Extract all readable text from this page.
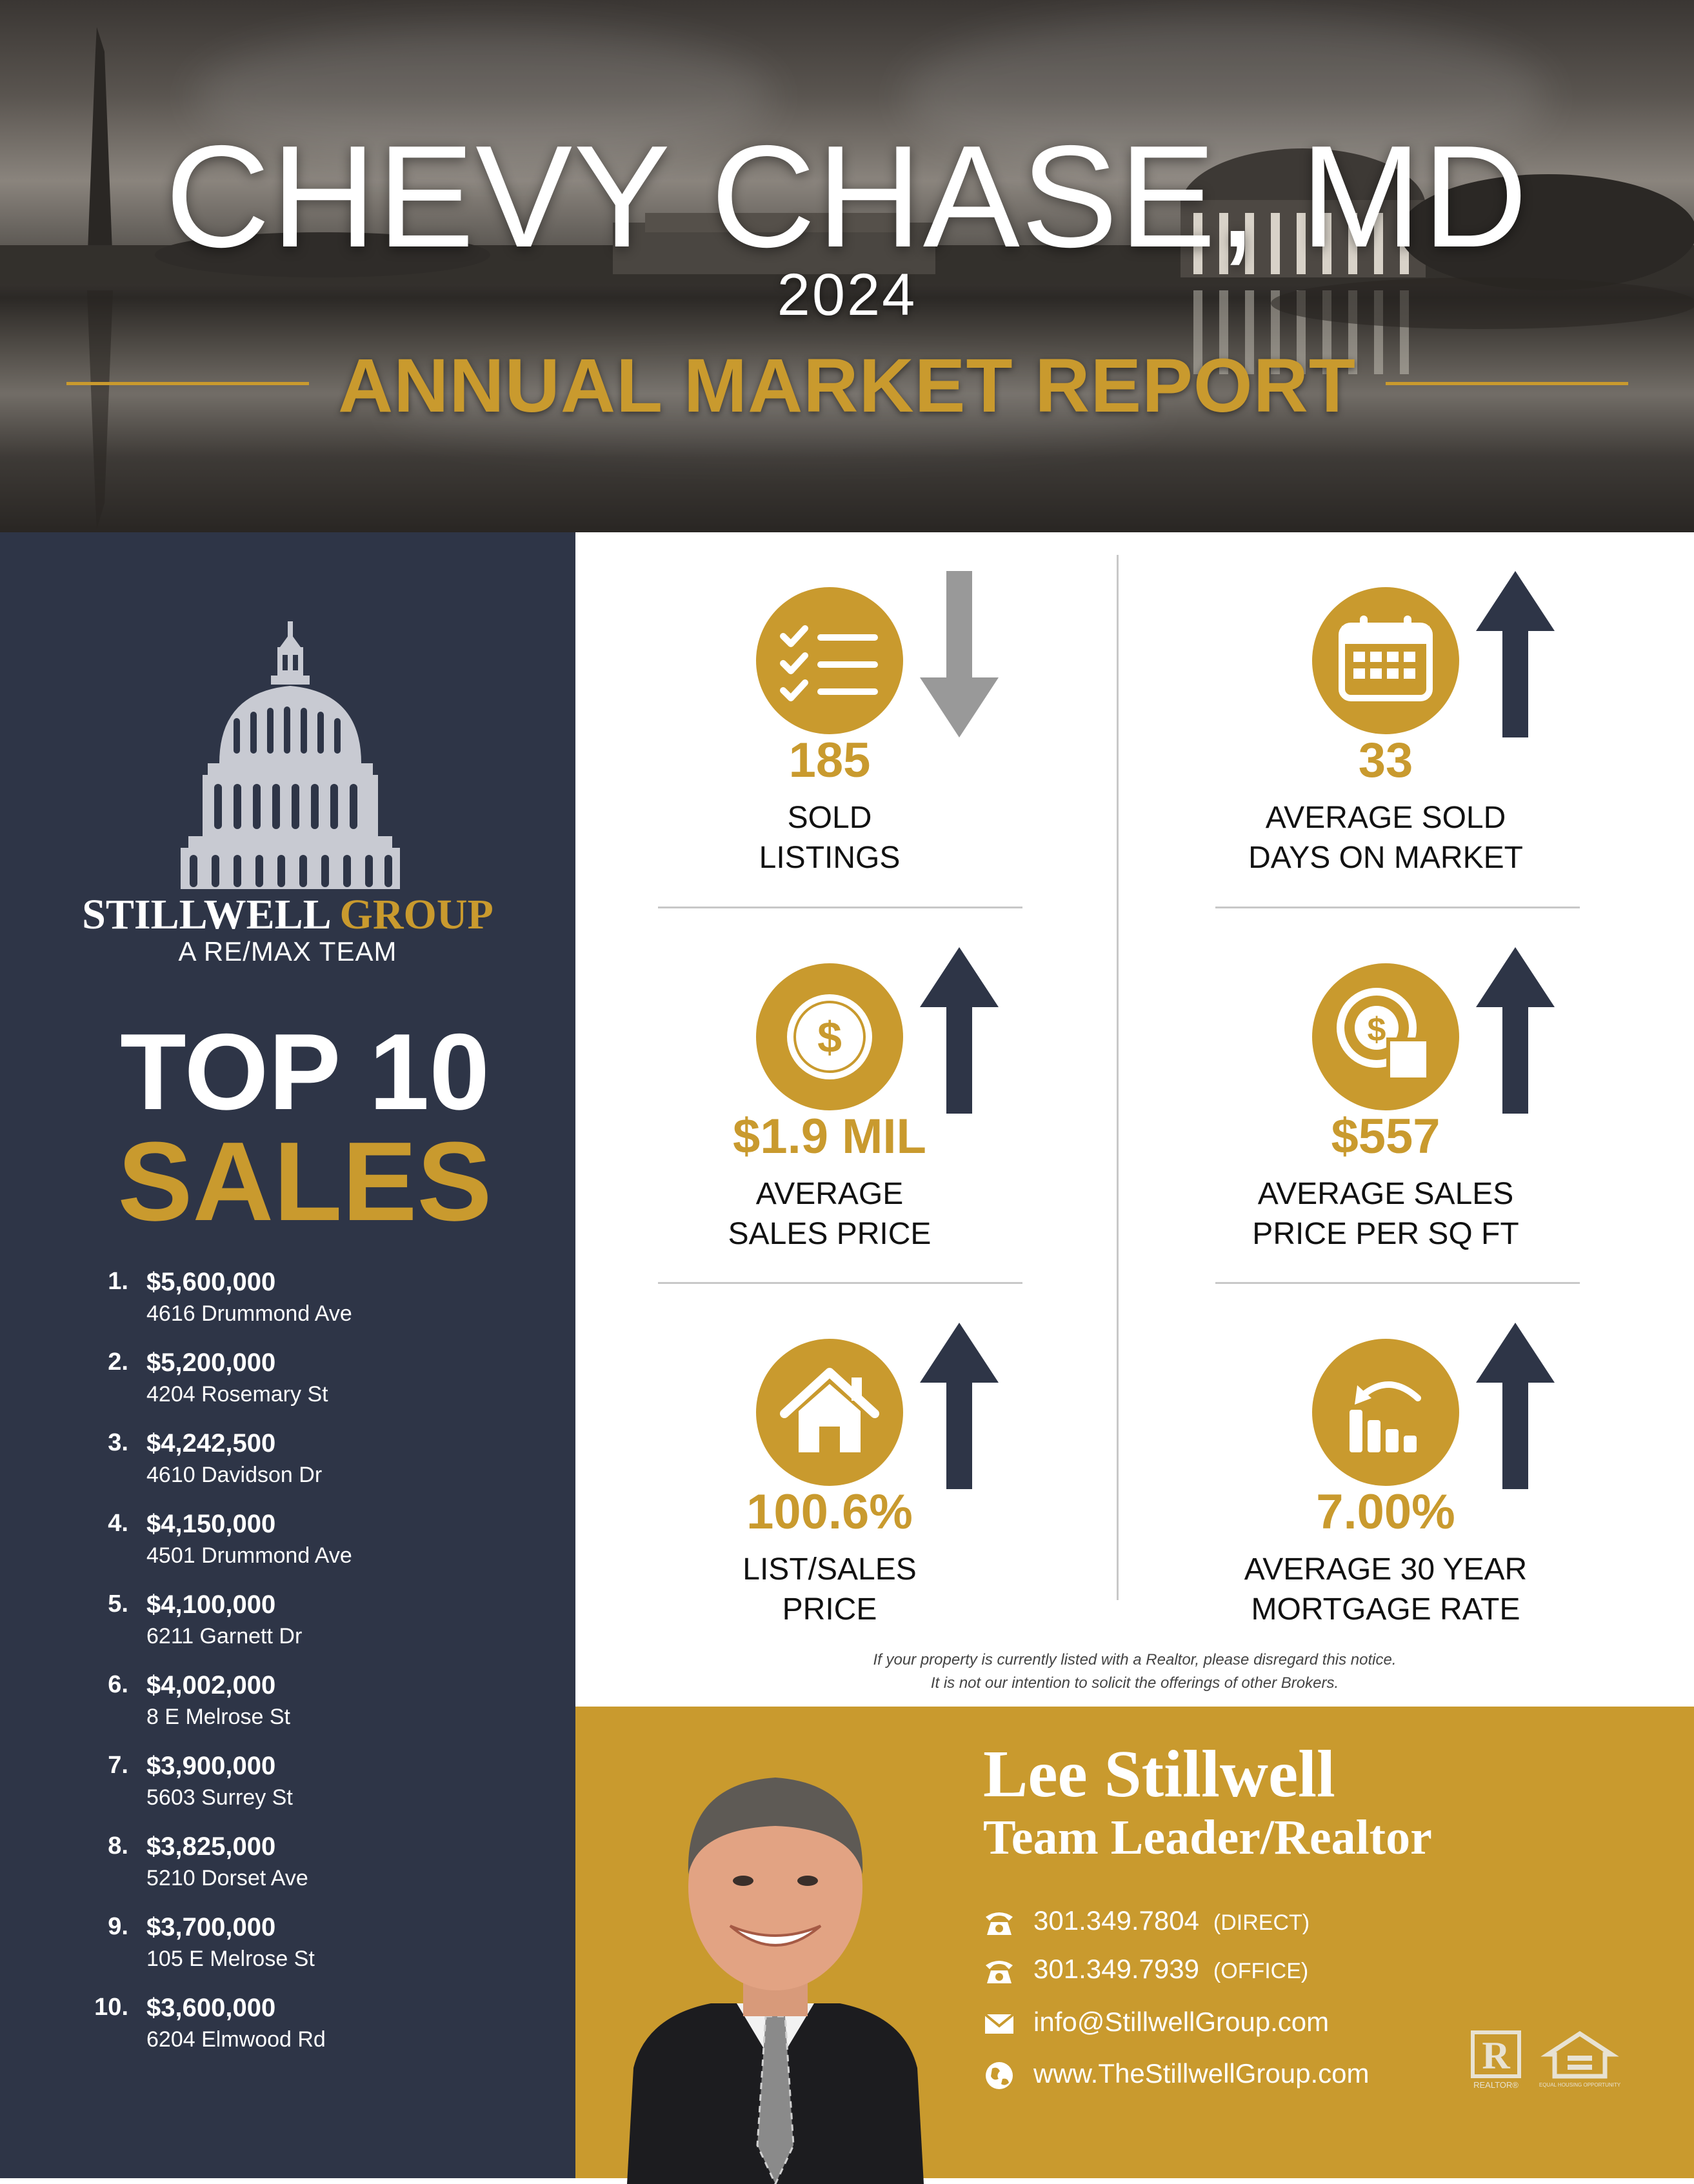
CHEVY CHASE, MD
2024
ANNUAL MARKET REPORT
STILLWELL GROUP
A RE/MAX TEAM
TOP 10
SALES
1. $5,600,000
4616 Drummond Ave
2. $5,200,000
4204 Rosemary St
3. $4,242,500
4610 Davidson Dr
4. $4,150,000
4501 Drummond Ave
5. $4,100,000
6211 Garnett Dr
6. $4,002,000
8 E Melrose St
7. $3,900,000
5603 Surrey St
8. $3,825,000
5210 Dorset Ave
9. $3,700,000
105 E Melrose St
10. $3,600,000
6204 Elmwood Rd
185
SOLD
LISTINGS
33
AVERAGE SOLD
DAYS ON MARKET
$
$1.9 MIL
AVERAGE
SALES PRICE
$
$557
AVERAGE SALES
PRICE PER SQ FT
100.6%
LIST/SALES
PRICE
7.00%
AVERAGE 30 YEAR
MORTGAGE RATE
If your property is currently listed with a Realtor, please disregard this notice.
It is not our intention to solicit the offerings of other Brokers.
Lee Stillwell
Team Leader/Realtor
301.349.7804 (DIRECT)
301.349.7939 (OFFICE)
info@StillwellGroup.com
www.TheStillwellGroup.com	R
REALTOR®	EQUAL HOUSING OPPORTUNITY
